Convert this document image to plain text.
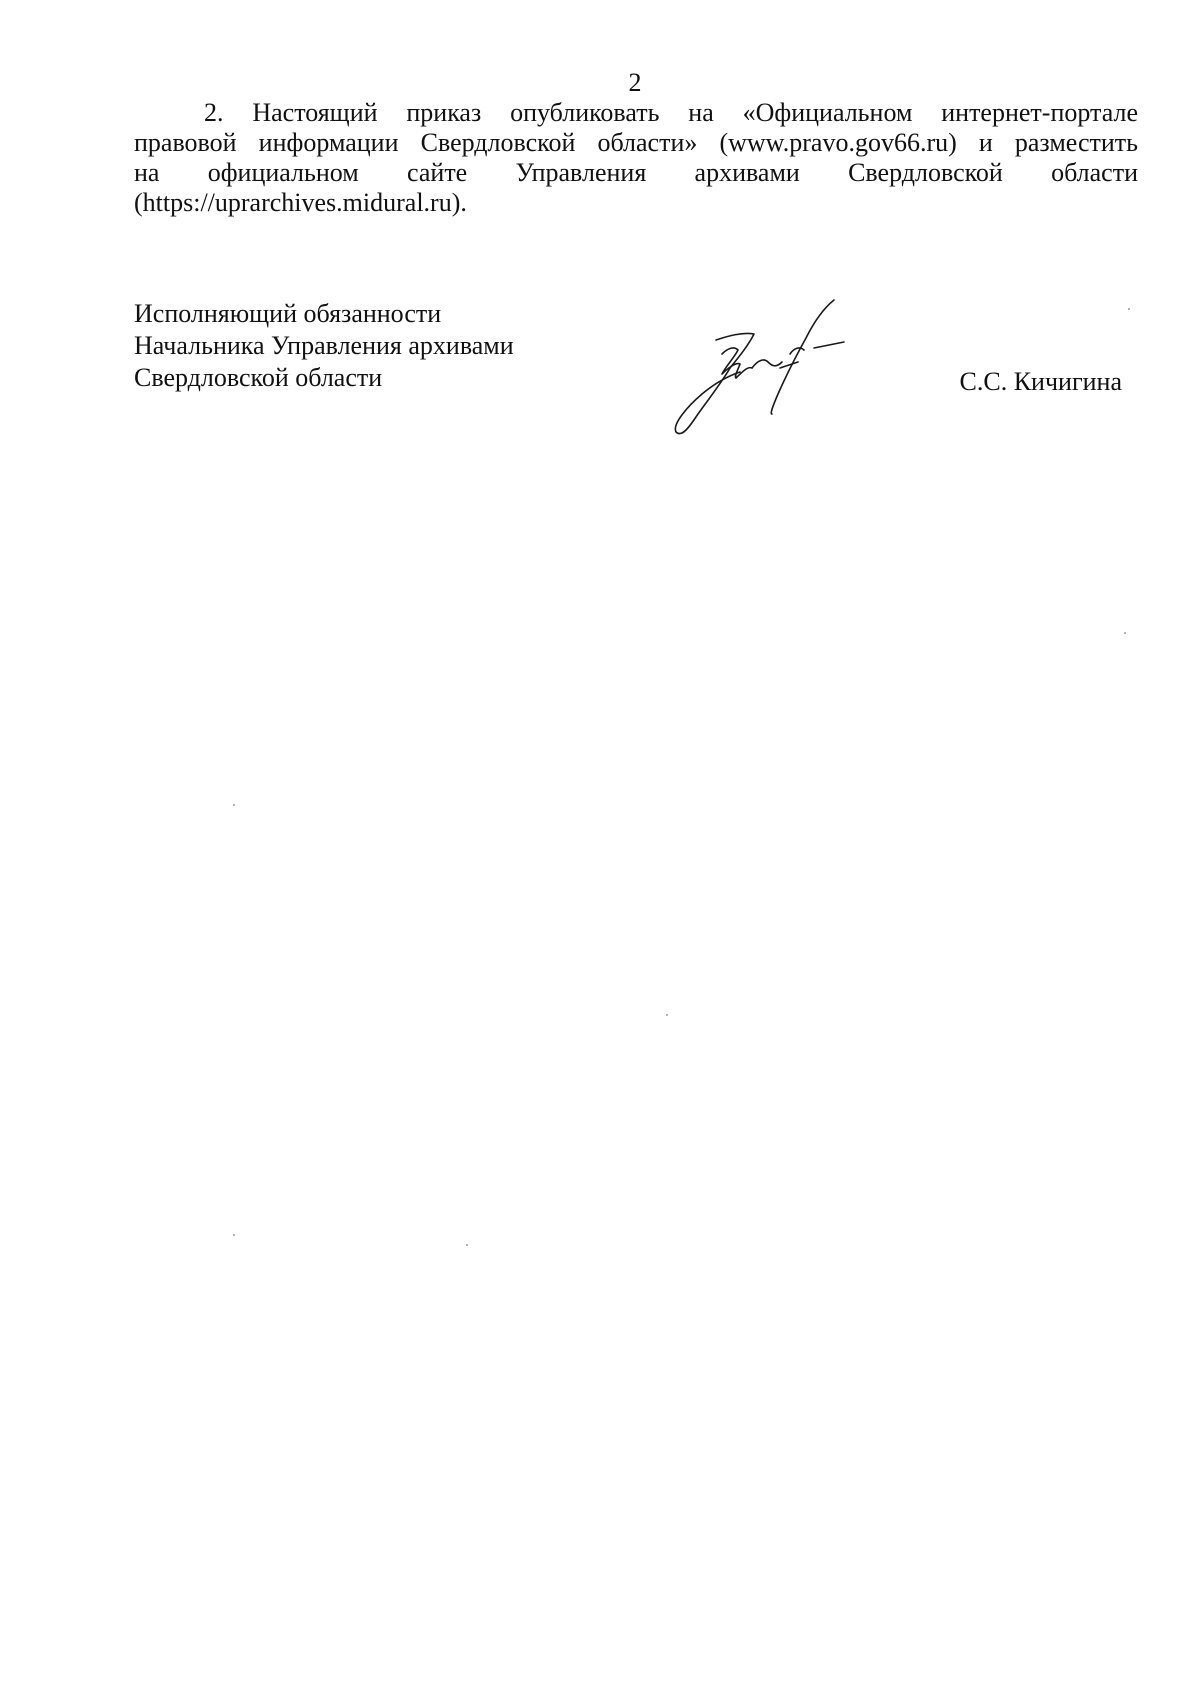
2
2. Настоящий приказ опубликовать на «Официальном интернет-портале
правовой информации Свердловской области» (www.pravo.gov66.ru) и разместить
на официальном сайте Управления архивами Свердловской области
(https://uprarchives.midural.ru).
Исполняющий обязанности
Начальника Управления архивами
Свердловской области	С.С. Кичигина
